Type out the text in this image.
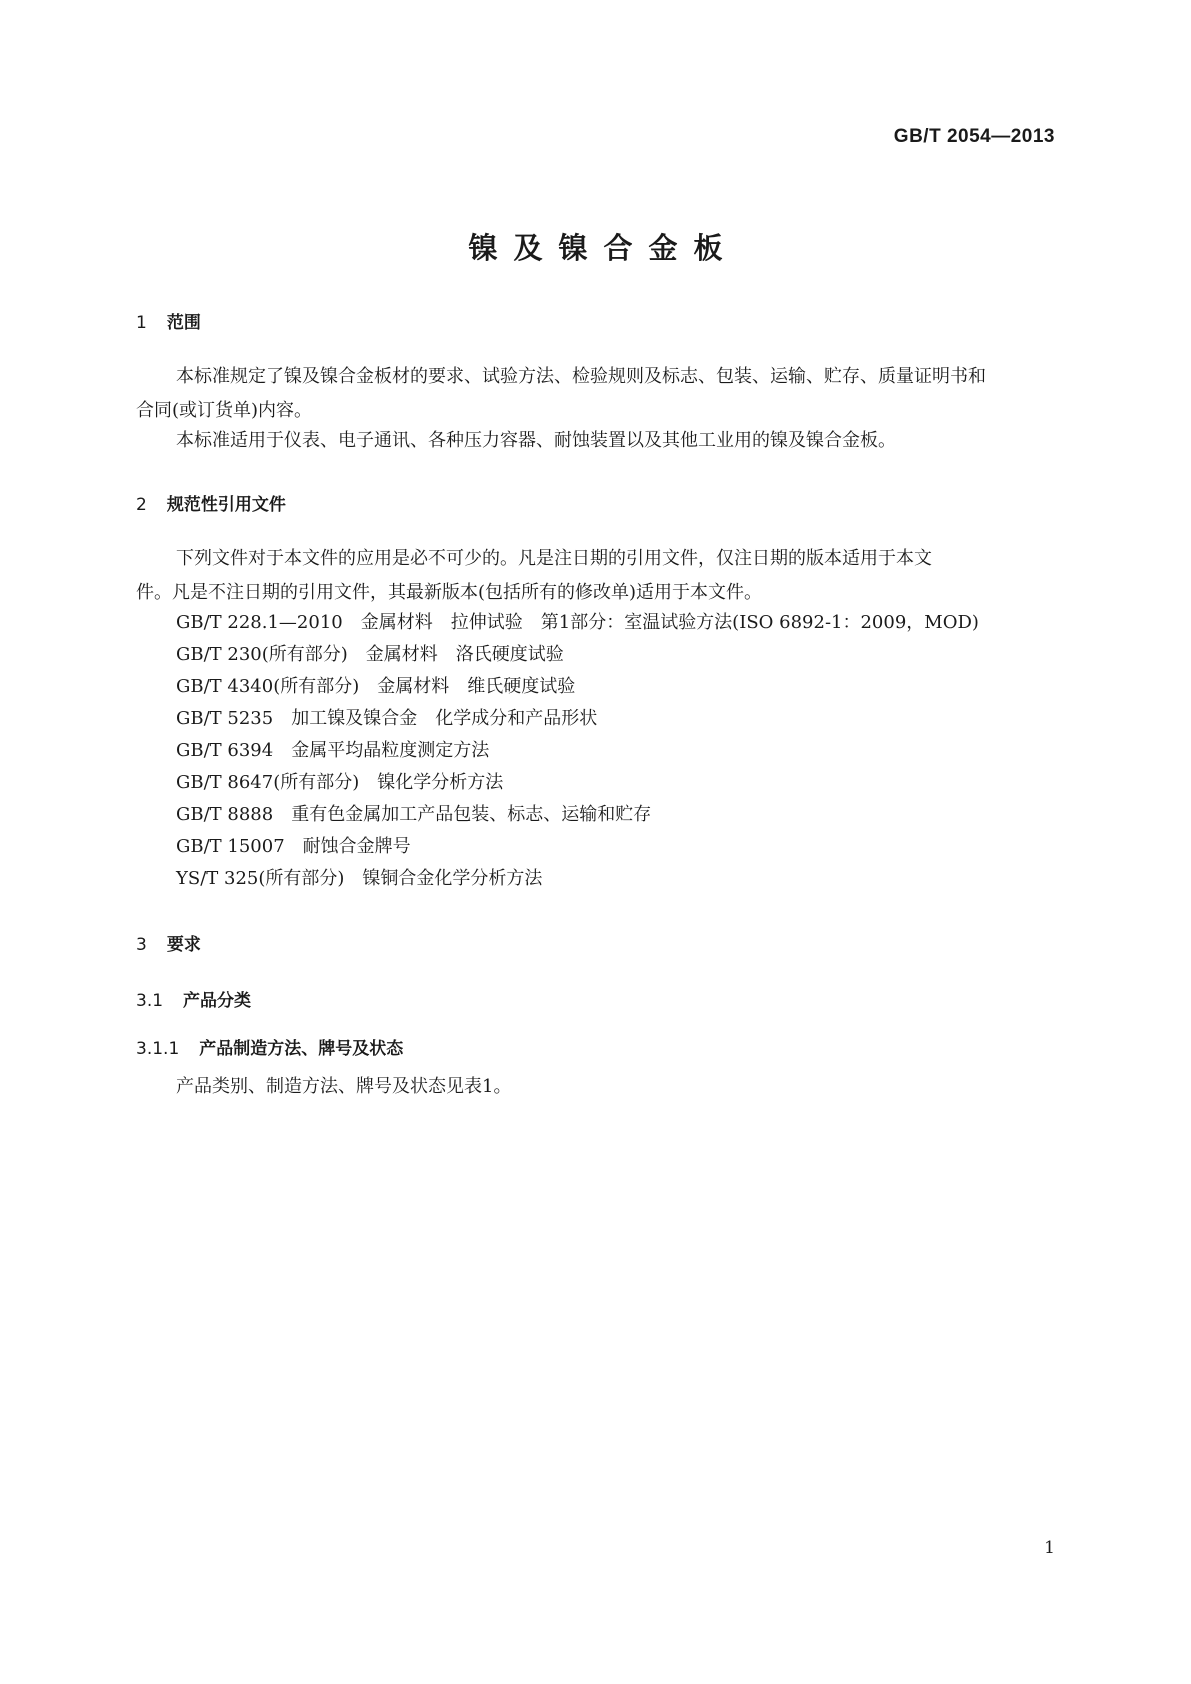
GB/T 2054—2013
镍及镍合金板
1 范围
本标准规定了镍及镍合金板材的要求、试验方法、检验规则及标志、包装、运输、贮存、质量证明书和
合同(或订货单)内容。
本标准适用于仪表、电子通讯、各种压力容器、耐蚀装置以及其他工业用的镍及镍合金板。
2 规范性引用文件
下列文件对于本文件的应用是必不可少的。凡是注日期的引用文件，仅注日期的版本适用于本文
件。凡是不注日期的引用文件，其最新版本(包括所有的修改单)适用于本文件。
GB/T 228.1—2010　金属材料　拉伸试验　第1部分：室温试验方法(ISO 6892-1：2009，MOD)
GB/T 230(所有部分)　金属材料　洛氏硬度试验
GB/T 4340(所有部分)　金属材料　维氏硬度试验
GB/T 5235　加工镍及镍合金　化学成分和产品形状
GB/T 6394　金属平均晶粒度测定方法
GB/T 8647(所有部分)　镍化学分析方法
GB/T 8888　重有色金属加工产品包装、标志、运输和贮存
GB/T 15007　耐蚀合金牌号
YS/T 325(所有部分)　镍铜合金化学分析方法
3 要求
3.1 产品分类
3.1.1 产品制造方法、牌号及状态
产品类别、制造方法、牌号及状态见表1。
1
